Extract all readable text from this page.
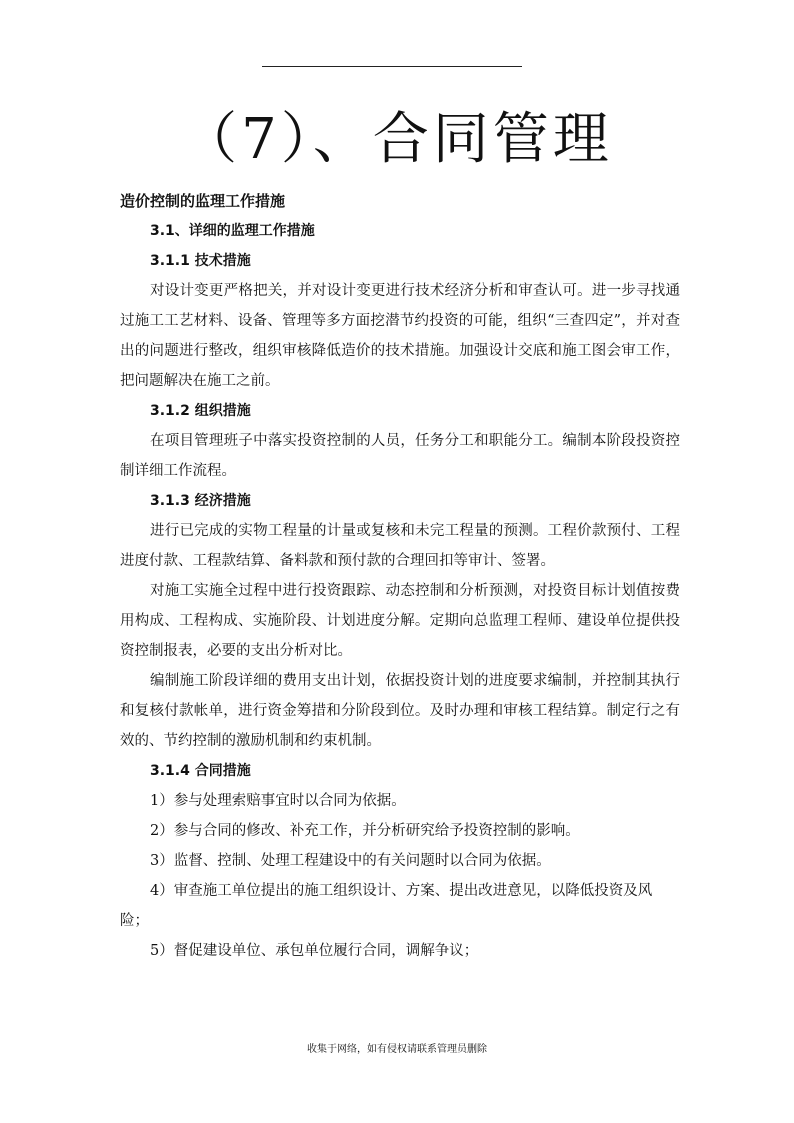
（7）、合同管理

造价控制的监理工作措施

3.1、详细的监理工作措施

3.1.1 技术措施

对设计变更严格把关，并对设计变更进行技术经济分析和审查认可。进一步寻找通过施工工艺材料、设备、管理等多方面挖潜节约投资的可能，组织“三查四定”，并对查出的问题进行整改，组织审核降低造价的技术措施。加强设计交底和施工图会审工作，把问题解决在施工之前。

3.1.2 组织措施

在项目管理班子中落实投资控制的人员，任务分工和职能分工。编制本阶段投资控制详细工作流程。

3.1.3 经济措施

进行已完成的实物工程量的计量或复核和未完工程量的预测。工程价款预付、工程进度付款、工程款结算、备料款和预付款的合理回扣等审计、签署。

对施工实施全过程中进行投资跟踪、动态控制和分析预测，对投资目标计划值按费用构成、工程构成、实施阶段、计划进度分解。定期向总监理工程师、建设单位提供投资控制报表，必要的支出分析对比。

编制施工阶段详细的费用支出计划，依据投资计划的进度要求编制，并控制其执行和复核付款帐单，进行资金筹措和分阶段到位。及时办理和审核工程结算。制定行之有效的、节约控制的激励机制和约束机制。

3.1.4 合同措施

1）参与处理索赔事宜时以合同为依据。

2）参与合同的修改、补充工作，并分析研究给予投资控制的影响。

3）监督、控制、处理工程建设中的有关问题时以合同为依据。

4）审查施工单位提出的施工组织设计、方案、提出改进意见，以降低投资及风险；

5）督促建设单位、承包单位履行合同，调解争议；

收集于网络，如有侵权请联系管理员删除
